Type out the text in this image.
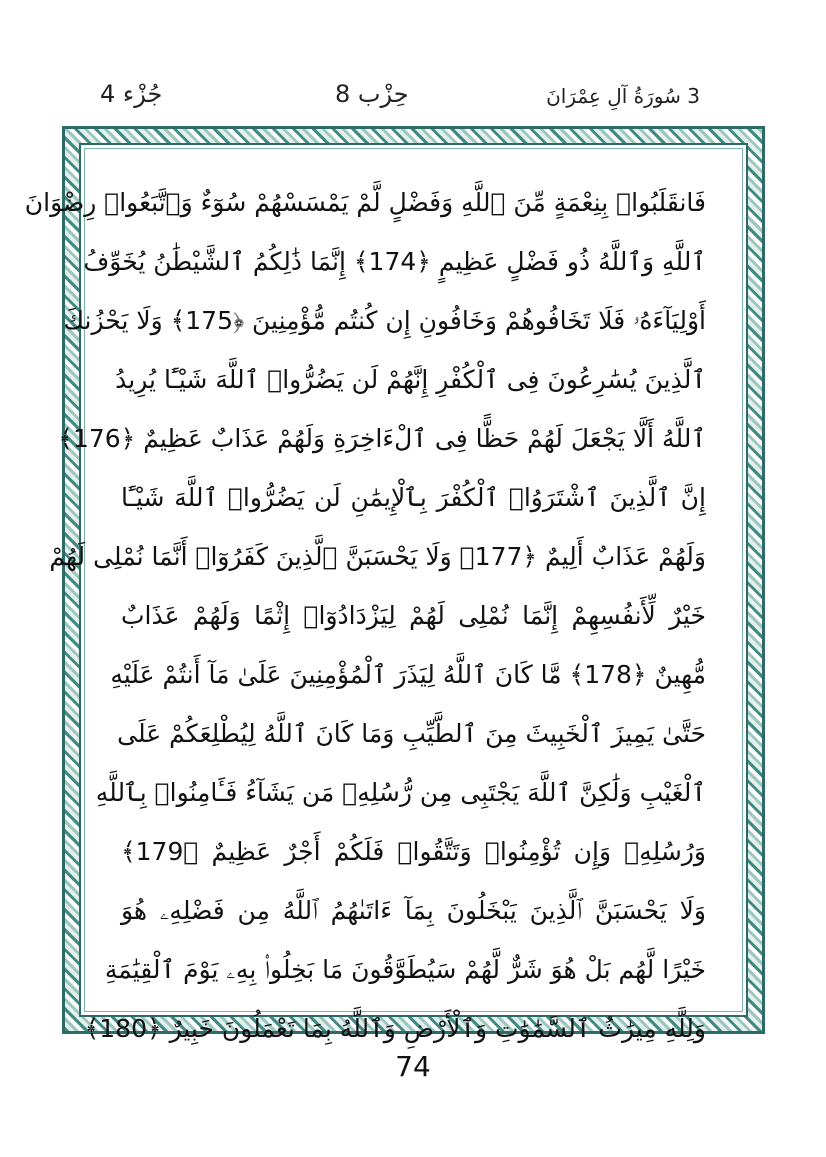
3 سُورَةُ آلِ عِمْرَانَ
حِزْب 8
جُزْء 4
فَانقَلَبُوا۟ بِنِعْمَةٍ مِّنَ ٱللَّهِ وَفَضْلٍ لَّمْ يَمْسَسْهُمْ سُوٓءٌ وَٱتَّبَعُوا۟ رِضْوَانَ
ٱللَّهِ وَٱللَّهُ ذُو فَضْلٍ عَظِيمٍ ﴿174﴾ إِنَّمَا ذَٰلِكُمُ ٱلشَّيْطَٰنُ يُخَوِّفُ
أَوْلِيَآءَهُۥ فَلَا تَخَافُوهُمْ وَخَافُونِ إِن كُنتُم مُّؤْمِنِينَ ﴿175﴾ وَلَا يَحْزُنكَ
ٱلَّذِينَ يُسَٰرِعُونَ فِى ٱلْكُفْرِ إِنَّهُمْ لَن يَضُرُّوا۟ ٱللَّهَ شَيْـًٔا يُرِيدُ
ٱللَّهُ أَلَّا يَجْعَلَ لَهُمْ حَظًّا فِى ٱلْءَاخِرَةِ وَلَهُمْ عَذَابٌ عَظِيمٌ ﴿176﴾
إِنَّ ٱلَّذِينَ ٱشْتَرَوُا۟ ٱلْكُفْرَ بِٱلْإِيمَٰنِ لَن يَضُرُّوا۟ ٱللَّهَ شَيْـًٔا
وَلَهُمْ عَذَابٌ أَلِيمٌ ﴿177﴾ وَلَا يَحْسَبَنَّ ٱلَّذِينَ كَفَرُوٓا۟ أَنَّمَا نُمْلِى لَهُمْ
خَيْرٌ لِّأَنفُسِهِمْ إِنَّمَا نُمْلِى لَهُمْ لِيَزْدَادُوٓا۟ إِثْمًا وَلَهُمْ عَذَابٌ
مُّهِينٌ ﴿178﴾ مَّا كَانَ ٱللَّهُ لِيَذَرَ ٱلْمُؤْمِنِينَ عَلَىٰ مَآ أَنتُمْ عَلَيْهِ
حَتَّىٰ يَمِيزَ ٱلْخَبِيثَ مِنَ ٱلطَّيِّبِ وَمَا كَانَ ٱللَّهُ لِيُطْلِعَكُمْ عَلَى
ٱلْغَيْبِ وَلَٰكِنَّ ٱللَّهَ يَجْتَبِى مِن رُّسُلِهِۦ مَن يَشَآءُ فَـَٔامِنُوا۟ بِٱللَّهِ
وَرُسُلِهِۦ وَإِن تُؤْمِنُوا۟ وَتَتَّقُوا۟ فَلَكُمْ أَجْرٌ عَظِيمٌ ﴿179﴾
وَلَا يَحْسَبَنَّ ٱلَّذِينَ يَبْخَلُونَ بِمَآ ءَاتَىٰهُمُ ٱللَّهُ مِن فَضْلِهِۦ هُوَ
خَيْرًا لَّهُم بَلْ هُوَ شَرٌّ لَّهُمْ سَيُطَوَّقُونَ مَا بَخِلُوا۟ بِهِۦ يَوْمَ ٱلْقِيَٰمَةِ
وَلِلَّهِ مِيرَٰثُ ٱلسَّمَٰوَٰتِ وَٱلْأَرْضِ وَٱللَّهُ بِمَا تَعْمَلُونَ خَبِيرٌ ﴿180﴾
74
